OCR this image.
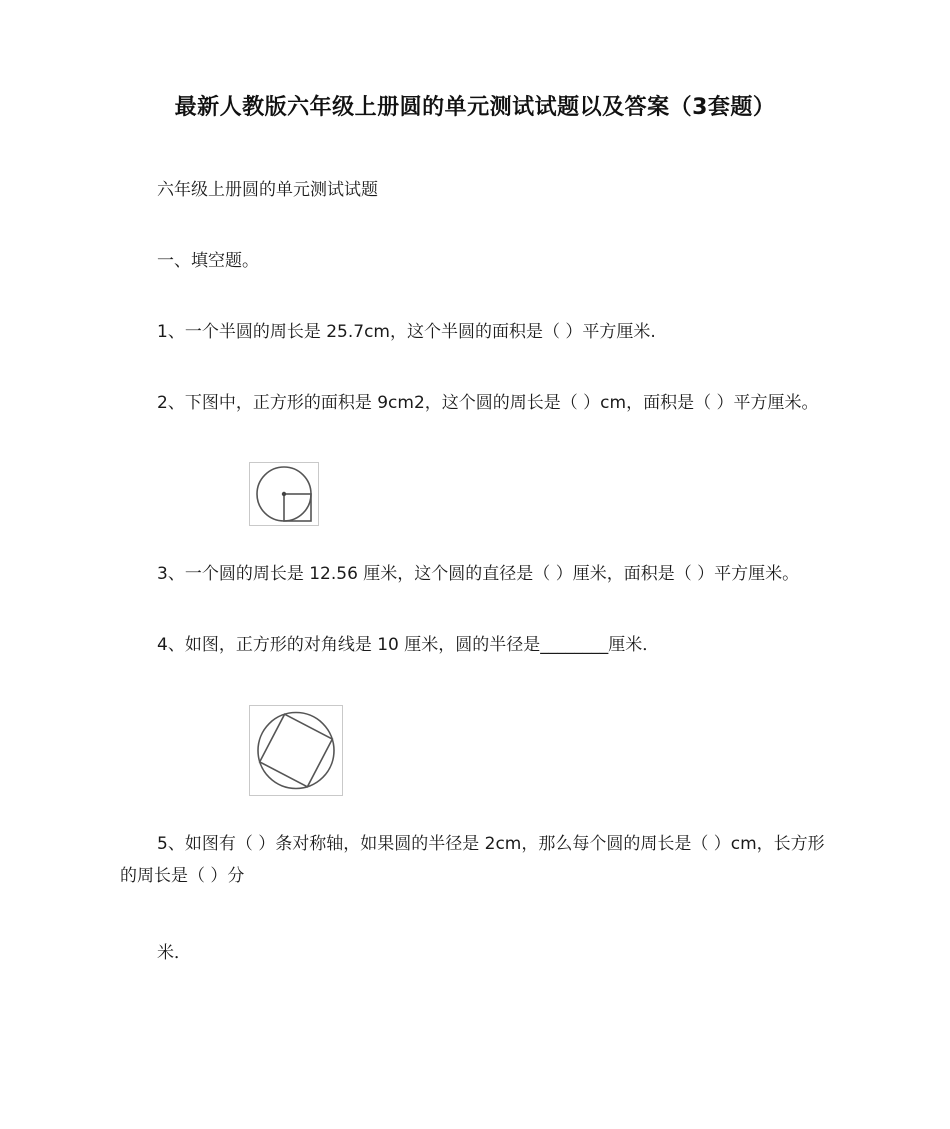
最新人教版六年级上册圆的单元测试试题以及答案（3套题）
六年级上册圆的单元测试试题
一、填空题。
1、一个半圆的周长是 25.7cm，这个半圆的面积是（ ）平方厘米.
2、下图中，正方形的面积是 9cm2，这个圆的周长是（ ）cm，面积是（ ）平方厘米。
3、一个圆的周长是 12.56 厘米，这个圆的直径是（ ）厘米，面积是（ ）平方厘米。
4、如图，正方形的对角线是 10 厘米，圆的半径是________厘米．
5、如图有（ ）条对称轴，如果圆的半径是 2cm，那么每个圆的周长是（ ）cm，长方形的周长是（ ）分
米．
